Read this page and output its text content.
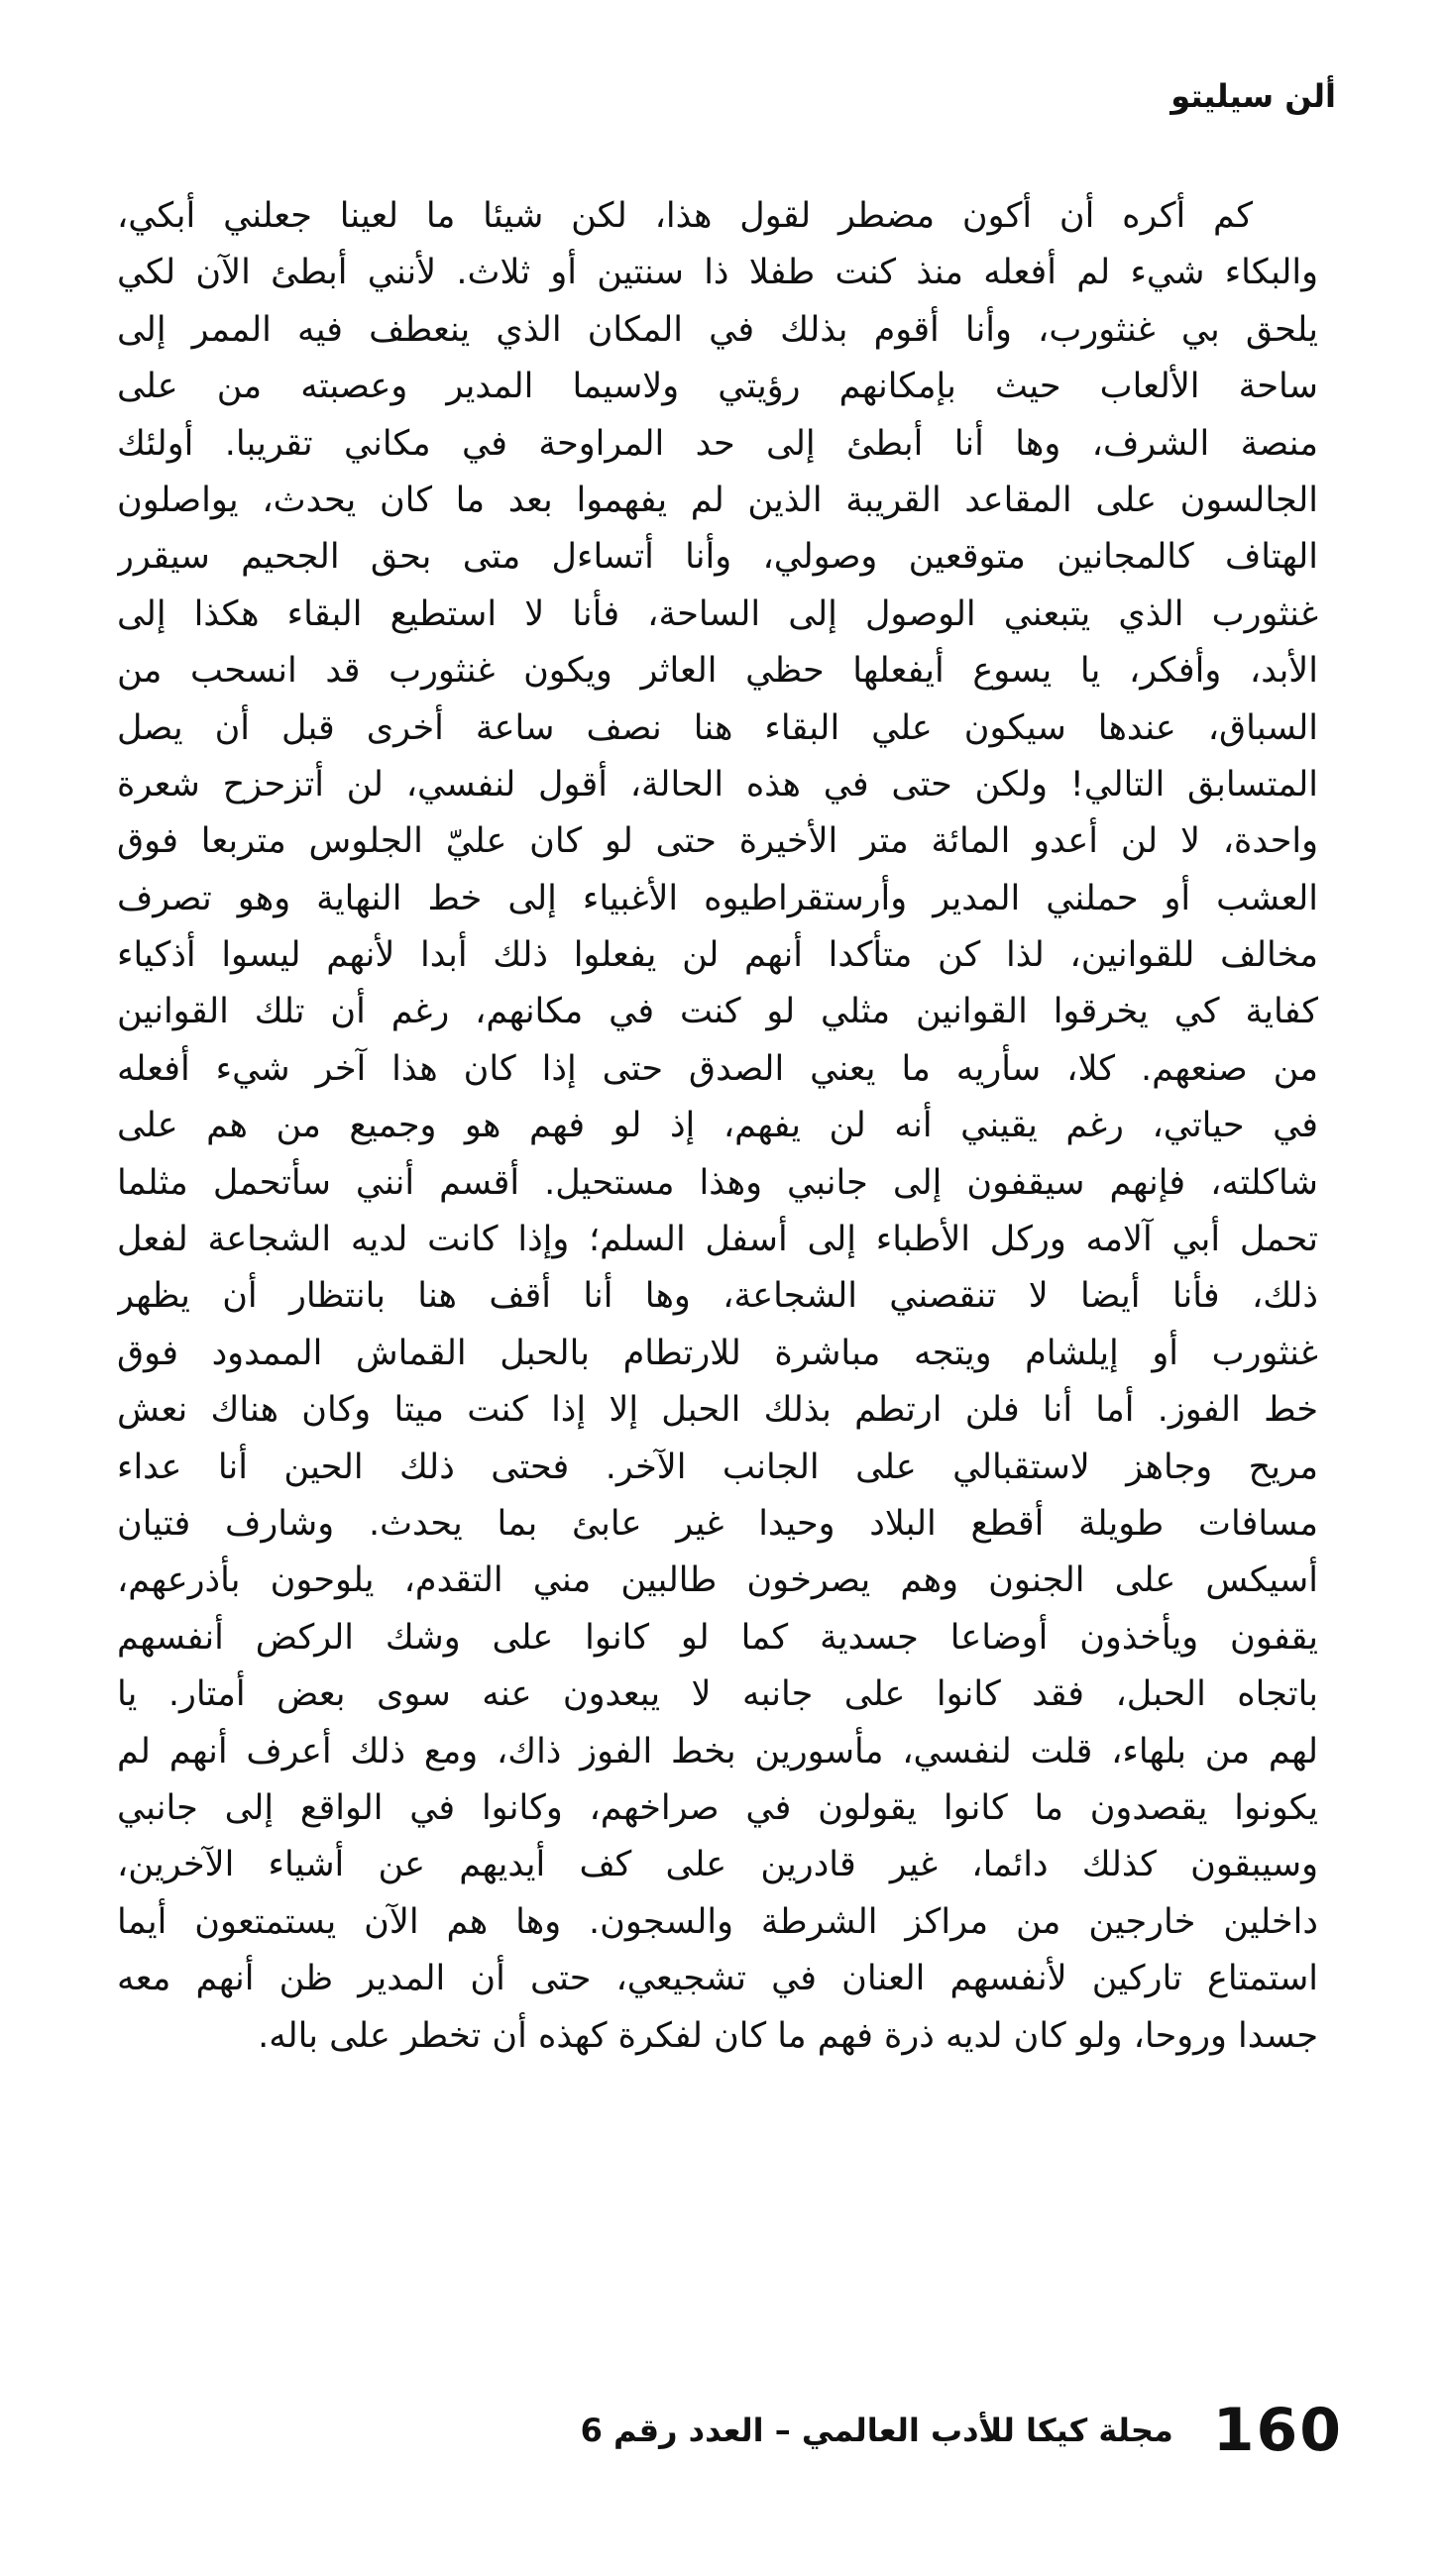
ألن سيليتو
كم أكره أن أكون مضطر لقول هذا، لكن شيئا ما لعينا جعلني أبكي،
والبكاء شيء لم أفعله منذ كنت طفلا ذا سنتين أو ثلاث. لأنني أبطئ الآن لكي
يلحق بي غنثورب، وأنا أقوم بذلك في المكان الذي ينعطف فيه الممر إلى
ساحة الألعاب حيث بإمكانهم رؤيتي ولاسيما المدير وعصبته من على
منصة الشرف، وها أنا أبطئ إلى حد المراوحة في مكاني تقريبا. أولئك
الجالسون على المقاعد القريبة الذين لم يفهموا بعد ما كان يحدث، يواصلون
الهتاف كالمجانين متوقعين وصولي، وأنا أتساءل متى بحق الجحيم سيقرر
غنثورب الذي يتبعني الوصول إلى الساحة، فأنا لا استطيع البقاء هكذا إلى
الأبد، وأفكر، يا يسوع أيفعلها حظي العاثر ويكون غنثورب قد انسحب من
السباق، عندها سيكون علي البقاء هنا نصف ساعة أخرى قبل أن يصل
المتسابق التالي! ولكن حتى في هذه الحالة، أقول لنفسي، لن أتزحزح شعرة
واحدة، لا لن أعدو المائة متر الأخيرة حتى لو كان عليّ الجلوس متربعا فوق
العشب أو حملني المدير وأرستقراطيوه الأغبياء إلى خط النهاية وهو تصرف
مخالف للقوانين، لذا كن متأكدا أنهم لن يفعلوا ذلك أبدا لأنهم ليسوا أذكياء
كفاية كي يخرقوا القوانين مثلي لو كنت في مكانهم، رغم أن تلك القوانين
من صنعهم. كلا، سأريه ما يعني الصدق حتى إذا كان هذا آخر شيء أفعله
في حياتي، رغم يقيني أنه لن يفهم، إذ لو فهم هو وجميع من هم على
شاكلته، فإنهم سيقفون إلى جانبي وهذا مستحيل. أقسم أنني سأتحمل مثلما
تحمل أبي آلامه وركل الأطباء إلى أسفل السلم؛ وإذا كانت لديه الشجاعة لفعل
ذلك، فأنا أيضا لا تنقصني الشجاعة، وها أنا أقف هنا بانتظار أن يظهر
غنثورب أو إيلشام ويتجه مباشرة للارتطام بالحبل القماش الممدود فوق
خط الفوز. أما أنا فلن ارتطم بذلك الحبل إلا إذا كنت ميتا وكان هناك نعش
مريح وجاهز لاستقبالي على الجانب الآخر. فحتى ذلك الحين أنا عداء
مسافات طويلة أقطع البلاد وحيدا غير عابئ بما يحدث. وشارف فتيان
أسيكس على الجنون وهم يصرخون طالبين مني التقدم، يلوحون بأذرعهم،
يقفون ويأخذون أوضاعا جسدية كما لو كانوا على وشك الركض أنفسهم
باتجاه الحبل، فقد كانوا على جانبه لا يبعدون عنه سوى بعض أمتار. يا
لهم من بلهاء، قلت لنفسي، مأسورين بخط الفوز ذاك، ومع ذلك أعرف أنهم لم
يكونوا يقصدون ما كانوا يقولون في صراخهم، وكانوا في الواقع إلى جانبي
وسيبقون كذلك دائما، غير قادرين على كف أيديهم عن أشياء الآخرين،
داخلين خارجين من مراكز الشرطة والسجون. وها هم الآن يستمتعون أيما
استمتاع تاركين لأنفسهم العنان في تشجيعي، حتى أن المدير ظن أنهم معه
جسدا وروحا، ولو كان لديه ذرة فهم ما كان لفكرة كهذه أن تخطر على باله.
160
مجلة كيكا للأدب العالمي – العدد رقم 6
